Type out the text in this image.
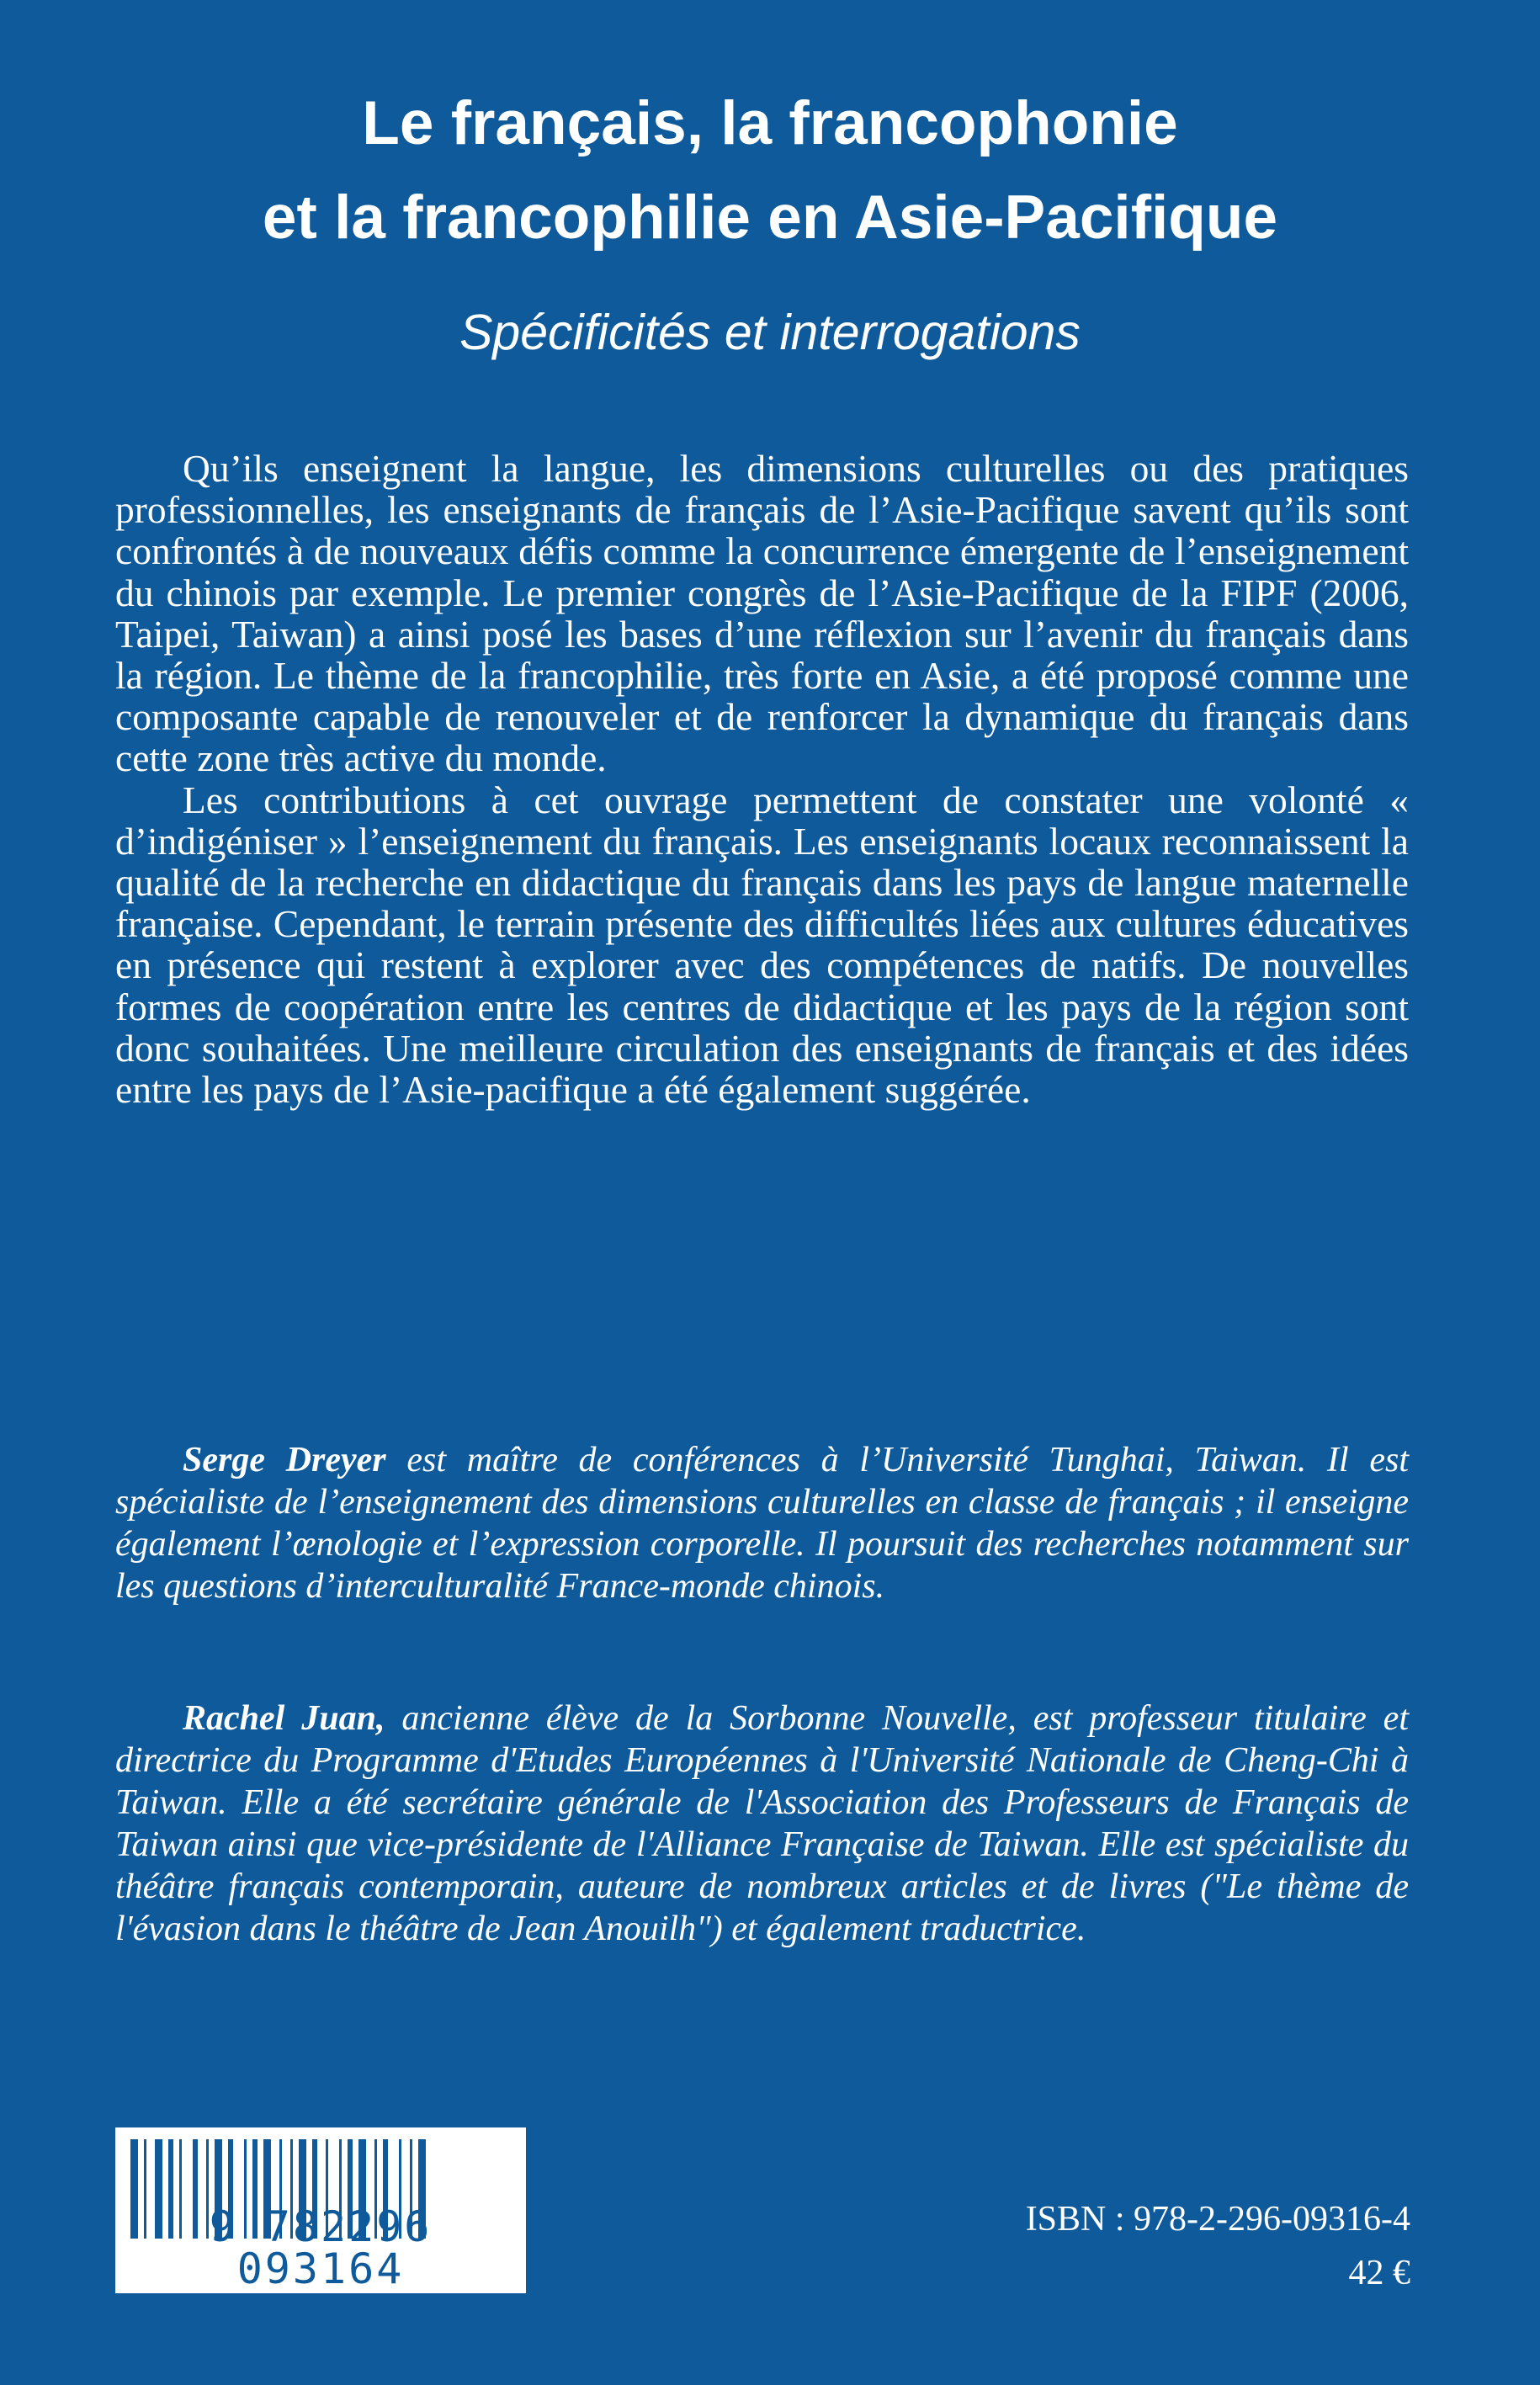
Le français, la francophonie
et la francophilie en Asie-Pacifique
Spécificités et interrogations

Qu’ils enseignent la langue, les dimensions culturelles ou des pratiques professionnelles, les enseignants de français de l’Asie-Pacifique savent qu’ils sont confrontés à de nouveaux défis comme la concurrence émergente de l’enseignement du chinois par exemple. Le premier congrès de l’Asie-Pacifique de la FIPF (2006, Taipei, Taiwan) a ainsi posé les bases d’une réflexion sur l’avenir du français dans la région. Le thème de la francophilie, très forte en Asie, a été proposé comme une composante capable de renouveler et de renforcer la dynamique du français dans cette zone très active du monde.

Les contributions à cet ouvrage permettent de constater une volonté « d’indigéniser » l’enseignement du français. Les enseignants locaux reconnaissent la qualité de la recherche en didactique du français dans les pays de langue maternelle française. Cependant, le terrain présente des difficultés liées aux cultures éducatives en présence qui restent à explorer avec des compétences de natifs. De nouvelles formes de coopération entre les centres de didactique et les pays de la région sont donc souhaitées. Une meilleure circulation des enseignants de français et des idées entre les pays de l’Asie-pacifique a été également suggérée.

Serge Dreyer est maître de conférences à l’Université Tunghai, Taiwan. Il est spécialiste de l’enseignement des dimensions culturelles en classe de français ; il enseigne également l’œnologie et l’expression corporelle. Il poursuit des recherches notamment sur les questions d’interculturalité France-monde chinois.

Rachel Juan, ancienne élève de la Sorbonne Nouvelle, est professeur titulaire et directrice du Programme d'Etudes Européennes à l'Université Nationale de Cheng-Chi à Taiwan. Elle a été secrétaire générale de l'Association des Professeurs de Français de Taiwan ainsi que vice-présidente de l'Alliance Française de Taiwan. Elle est spécialiste du théâtre français contemporain, auteure de nombreux articles et de livres ("Le thème de l'évasion dans le théâtre de Jean Anouilh") et également traductrice.

9 782296 093164
ISBN : 978-2-296-09316-4
42 €
